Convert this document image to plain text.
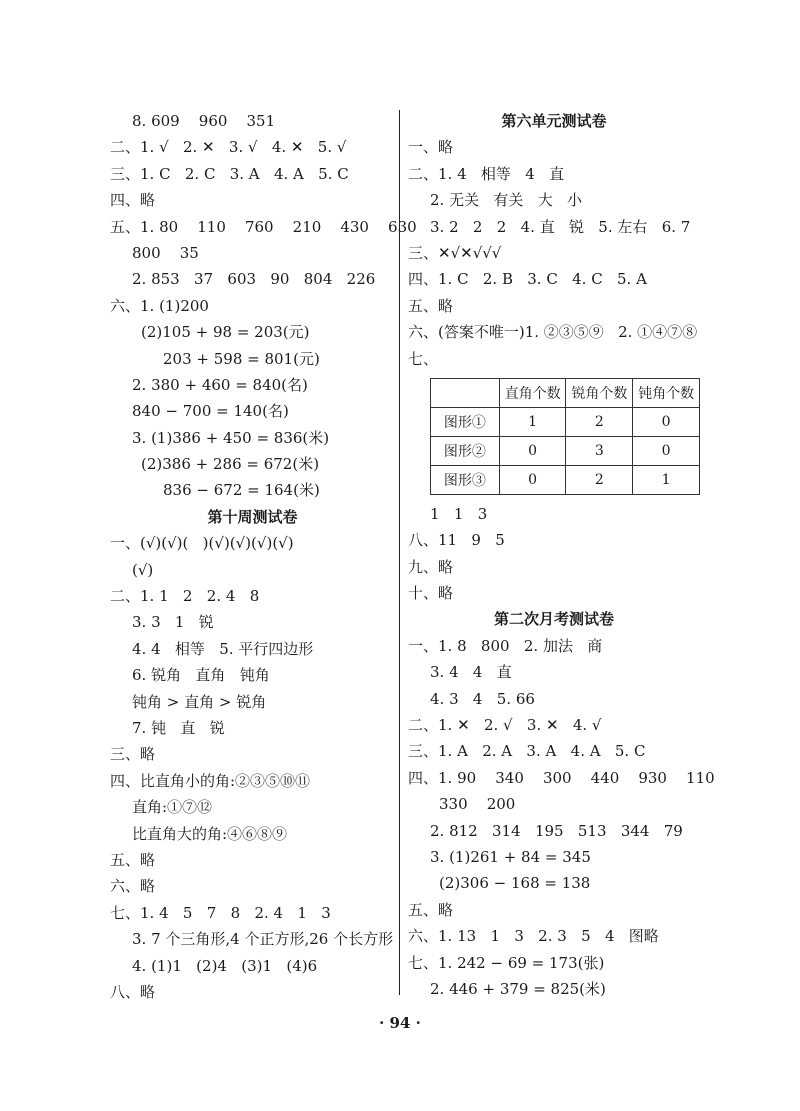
8. 609    960    351
二、1. √   2. ✕   3. √   4. ✕   5. √
三、1. C   2. C   3. A   4. A   5. C
四、略
五、1. 80    110    760    210    430    630
800    35
2. 853   37   603   90   804   226
六、1. (1)200
(2)105 + 98 = 203(元)
203 + 598 = 801(元)
2. 380 + 460 = 840(名)
840 − 700 = 140(名)
3. (1)386 + 450 = 836(米)
(2)386 + 286 = 672(米)
836 − 672 = 164(米)
第十周测试卷
一、(√)(√)(   )(√)(√)(√)(√)
(√)
二、1. 1   2   2. 4   8
3. 3   1   锐
4. 4   相等   5. 平行四边形
6. 锐角   直角   钝角
钝角 > 直角 > 锐角
7. 钝   直   锐
三、略
四、比直角小的角:②③⑤⑩⑪
直角:①⑦⑫
比直角大的角:④⑥⑧⑨
五、略
六、略
七、1. 4   5   7   8   2. 4   1   3
3. 7 个三角形,4 个正方形,26 个长方形
4. (1)1   (2)4   (3)1   (4)6
八、略
第六单元测试卷
一、略
二、1. 4   相等   4   直
2. 无关   有关   大   小
3. 2   2   2   4. 直   锐   5. 左右   6. 7
三、✕√✕√√√
四、1. C   2. B   3. C   4. C   5. A
五、略
六、(答案不唯一)1. ②③⑤⑨   2. ①④⑦⑧
七、
	直角个数	锐角个数	钝角个数
图形①	1	2	0
图形②	0	3	0
图形③	0	2	1
1   1   3
八、11   9   5
九、略
十、略
第二次月考测试卷
一、1. 8   800   2. 加法   商
3. 4   4   直
4. 3   4   5. 66
二、1. ✕   2. √   3. ✕   4. √
三、1. A   2. A   3. A   4. A   5. C
四、1. 90    340    300    440    930    110
330    200
2. 812   314   195   513   344   79
3. (1)261 + 84 = 345
(2)306 − 168 = 138
五、略
六、1. 13   1   3   2. 3   5   4   图略
七、1. 242 − 69 = 173(张)
2. 446 + 379 = 825(米)
· 94 ·
